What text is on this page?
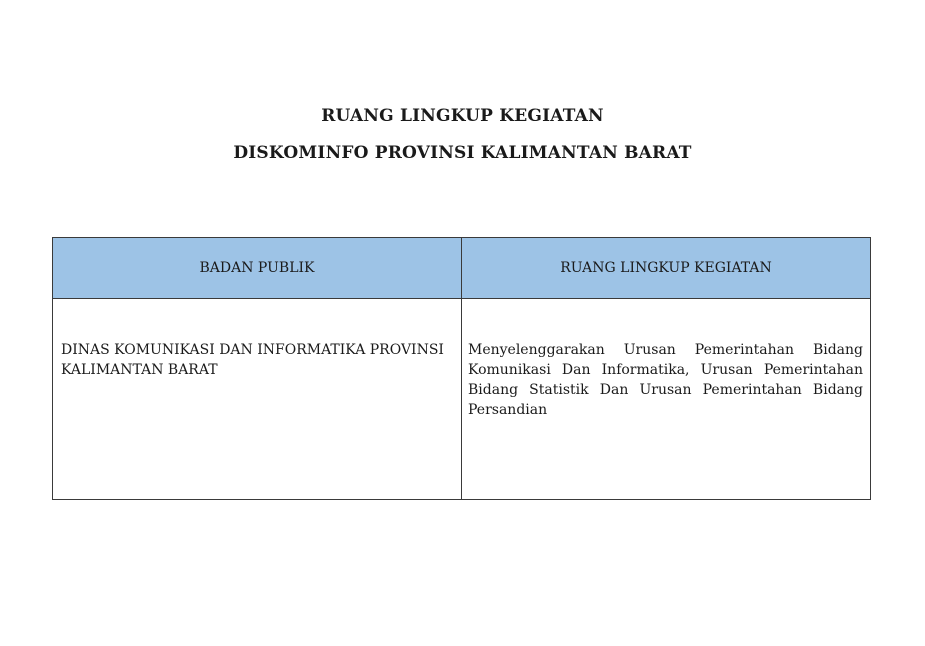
RUANG LINGKUP KEGIATAN
DISKOMINFO PROVINSI KALIMANTAN BARAT
BADAN PUBLIK	RUANG LINGKUP KEGIATAN
DINAS KOMUNIKASI DAN INFORMATIKA PROVINSI KALIMANTAN BARAT	Menyelenggarakan Urusan Pemerintahan Bidang Komunikasi Dan Informatika, Urusan Pemerintahan Bidang Statistik Dan Urusan Pemerintahan Bidang Persandian
